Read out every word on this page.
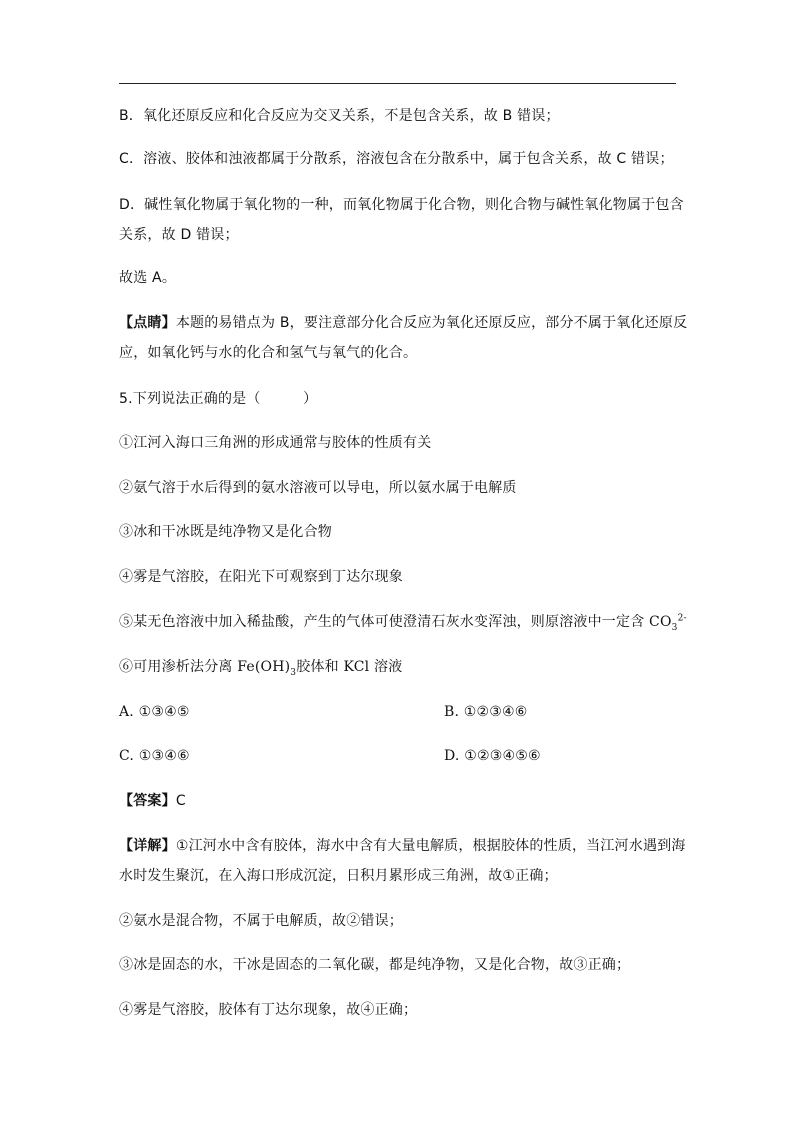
B．氧化还原反应和化合反应为交叉关系，不是包含关系，故 B 错误；
C．溶液、胶体和浊液都属于分散系，溶液包含在分散系中，属于包含关系，故 C 错误；
D．碱性氧化物属于氧化物的一种，而氧化物属于化合物，则化合物与碱性氧化物属于包含
关系，故 D 错误；
故选 A。
【点睛】本题的易错点为 B，要注意部分化合反应为氧化还原反应，部分不属于氧化还原反
应，如氧化钙与水的化合和氢气与氧气的化合。
5.下列说法正确的是（　　　）
①江河入海口三角洲的形成通常与胶体的性质有关
②氨气溶于水后得到的氨水溶液可以导电，所以氨水属于电解质
③冰和干冰既是纯净物又是化合物
④雾是气溶胶，在阳光下可观察到丁达尔现象
⑤某无色溶液中加入稀盐酸，产生的气体可使澄清石灰水变浑浊，则原溶液中一定含 $CO_3^{2-}$
⑥可用渗析法分离 $Fe(OH)_3$胶体和 KCl 溶液
A. ①③④⑤	B. ①②③④⑥
C. ①③④⑥	D. ①②③④⑤⑥
【答案】C
【详解】①江河水中含有胶体，海水中含有大量电解质，根据胶体的性质，当江河水遇到海
水时发生聚沉，在入海口形成沉淀，日积月累形成三角洲，故①正确；
②氨水是混合物，不属于电解质，故②错误；
③冰是固态的水，干冰是固态的二氧化碳，都是纯净物，又是化合物，故③正确；
④雾是气溶胶，胶体有丁达尔现象，故④正确；
